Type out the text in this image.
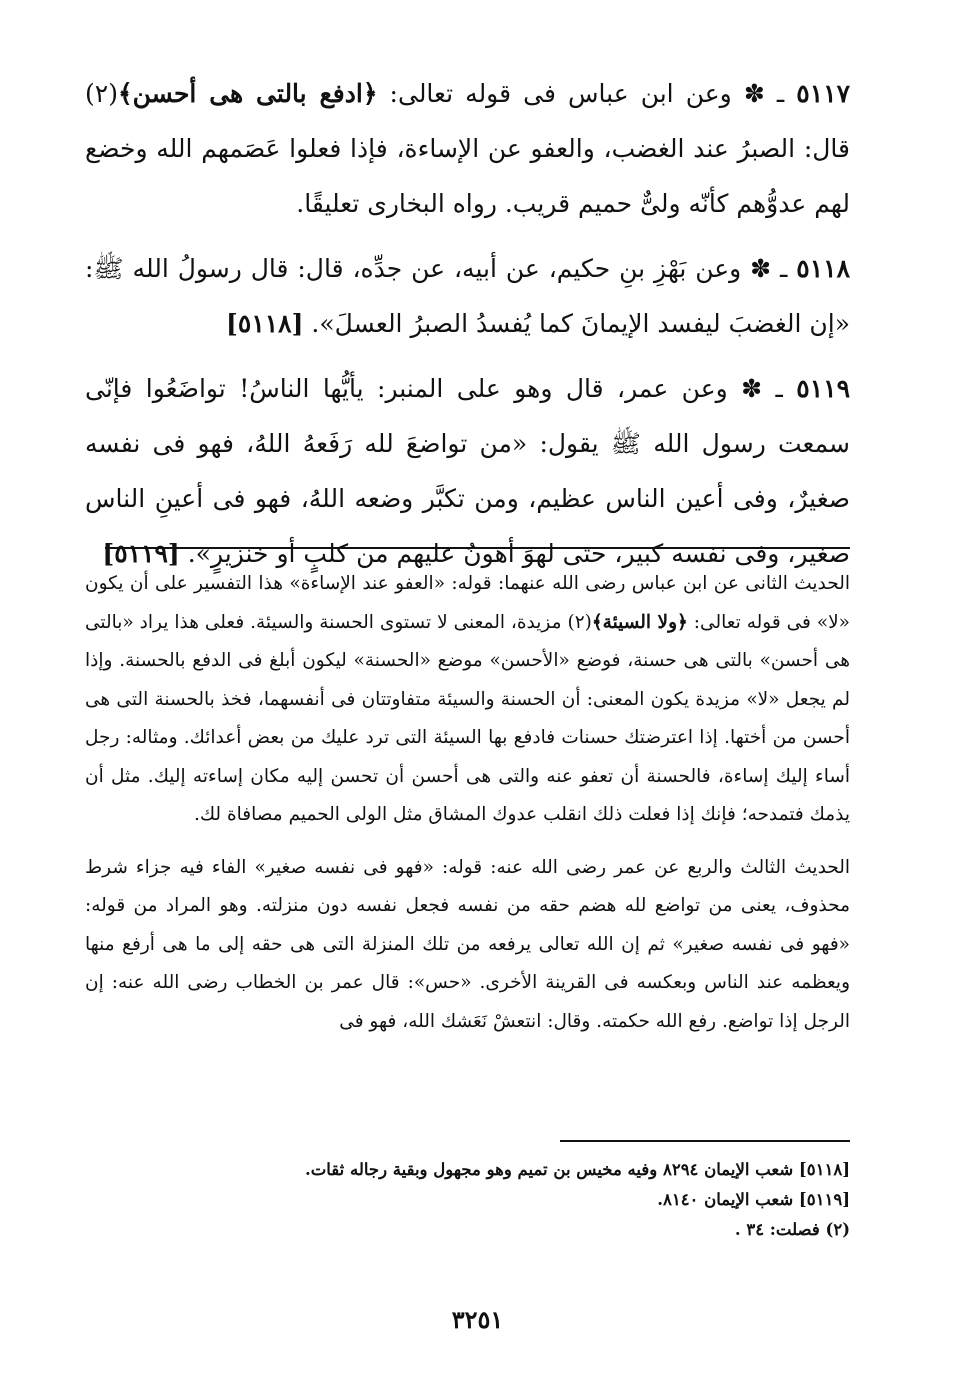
٥١١٧ ـ ✽ وعن ابن عباس فى قوله تعالى: ﴿ادفع بالتى هى أحسن﴾(٢) قال: الصبرُ عند الغضب، والعفو عن الإساءة، فإذا فعلوا عَصَمهم الله وخضع لهم عدوُّهم كأنّه ولىٌّ حميم قريب. رواه البخارى تعليقًا.

٥١١٨ ـ ✽ وعن بَهْزِ بنِ حكيم، عن أبيه، عن جدِّه، قال: قال رسولُ الله ﷺ: «إن الغضبَ ليفسد الإيمانَ كما يُفسدُ الصبرُ العسلَ». [٥١١٨]

٥١١٩ ـ ✽ وعن عمر، قال وهو على المنبر: يأيُّها الناسُ! تواضَعُوا فإنّى سمعت رسول الله ﷺ يقول: «من تواضعَ لله رَفَعهُ اللهُ، فهو فى نفسه صغيرٌ، وفى أعين الناس عظيم، ومن تكبَّر وضعه اللهُ، فهو فى أعينِ الناس صغير، وفى نفسه كبير، حتى لهوَ أهونُ عليهم من كلبٍ أو خنزيرٍ». [٥١١٩]

الحديث الثانى عن ابن عباس رضى الله عنهما: قوله: «العفو عند الإساءة» هذا التفسير على أن يكون «لا» فى قوله تعالى: ﴿ولا السيئة﴾(٢) مزيدة، المعنى لا تستوى الحسنة والسيئة. فعلى هذا يراد «بالتى هى أحسن» بالتى هى حسنة، فوضع «الأحسن» موضع «الحسنة» ليكون أبلغ فى الدفع بالحسنة. وإذا لم يجعل «لا» مزيدة يكون المعنى: أن الحسنة والسيئة متفاوتتان فى أنفسهما، فخذ بالحسنة التى هى أحسن من أختها. إذا اعترضتك حسنات فادفع بها السيئة التى ترد عليك من بعض أعدائك. ومثاله: رجل أساء إليك إساءة، فالحسنة أن تعفو عنه والتى هى أحسن أن تحسن إليه مكان إساءته إليك. مثل أن يذمك فتمدحه؛ فإنك إذا فعلت ذلك انقلب عدوك المشاق مثل الولى الحميم مصافاة لك.

الحديث الثالث والربع عن عمر رضى الله عنه: قوله: «فهو فى نفسه صغير» الفاء فيه جزاء شرط محذوف، يعنى من تواضع لله هضم حقه من نفسه فجعل نفسه دون منزلته. وهو المراد من قوله: «فهو فى نفسه صغير» ثم إن الله تعالى يرفعه من تلك المنزلة التى هى حقه إلى ما هى أرفع منها ويعظمه عند الناس وبعكسه فى القرينة الأخرى. «حس»: قال عمر بن الخطاب رضى الله عنه: إن الرجل إذا تواضع. رفع الله حكمته. وقال: انتعشْ نَعَشك الله، فهو فى

[٥١١٨] شعب الإيمان ٨٢٩٤ وفيه مخيس بن تميم وهو مجهول وبقية رجاله ثقات.
[٥١١٩] شعب الإيمان ٨١٤٠.
(٢) فصلت: ٣٤ .
٣٢٥١
